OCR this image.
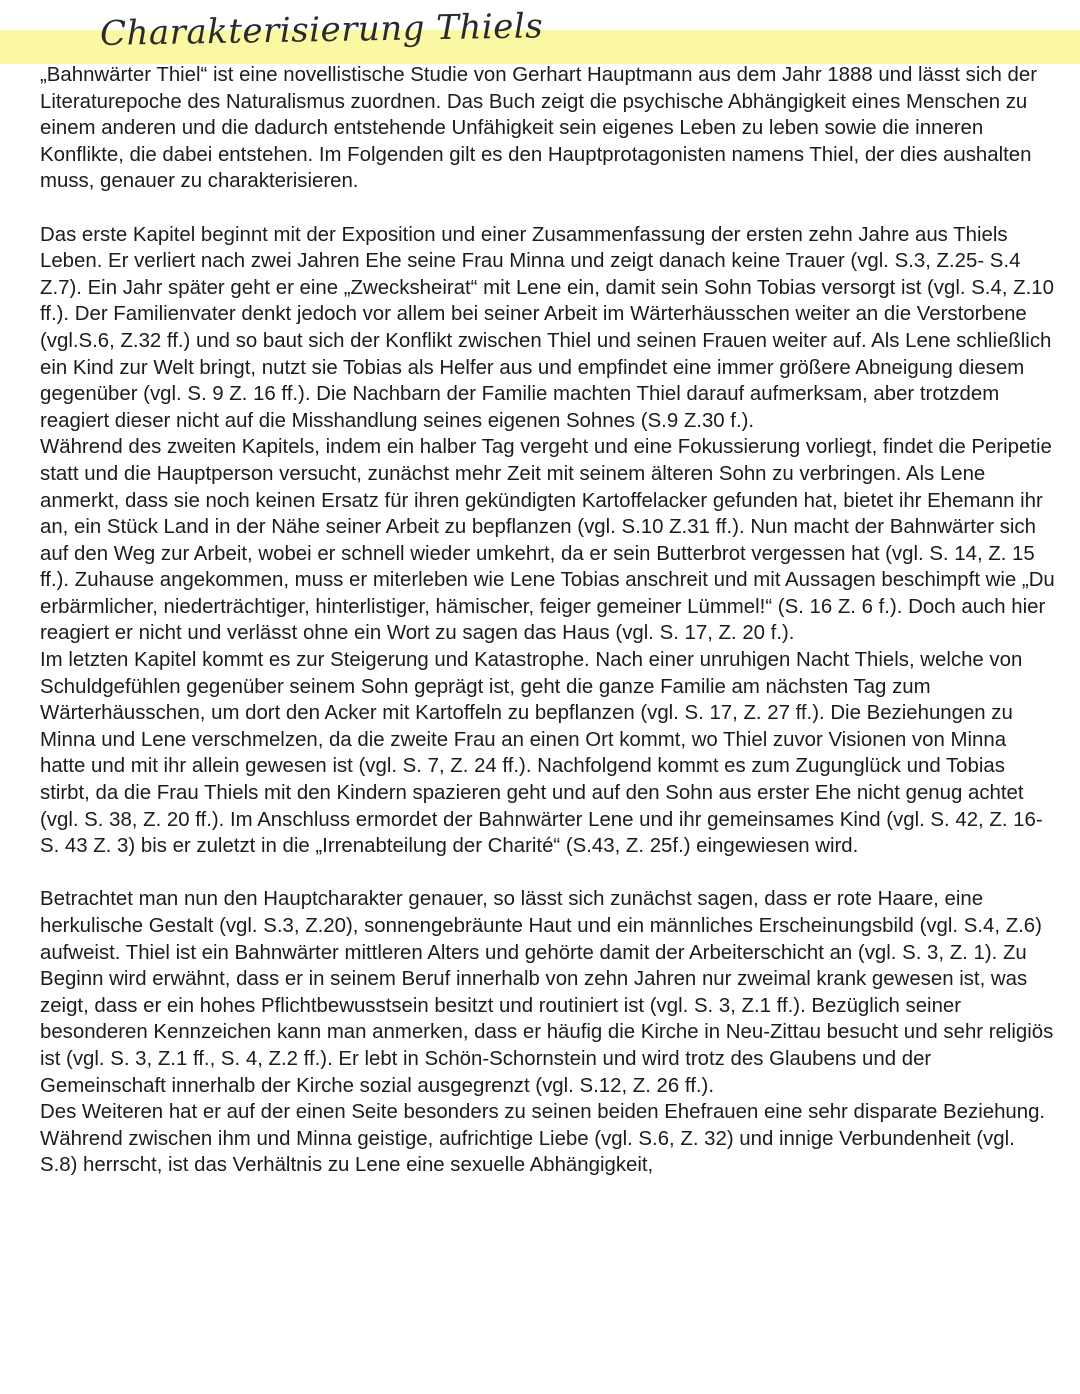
Charakterisierung Thiels

„Bahnwärter Thiel“ ist eine novellistische Studie von Gerhart Hauptmann aus dem Jahr 1888 und lässt sich der Literaturepoche des Naturalismus zuordnen. Das Buch zeigt die psychische Abhängigkeit eines Menschen zu einem anderen und die dadurch entstehende Unfähigkeit sein eigenes Leben zu leben sowie die inneren Konflikte, die dabei entstehen. Im Folgenden gilt es den Hauptprotagonisten namens Thiel, der dies aushalten muss, genauer zu charakterisieren.

Das erste Kapitel beginnt mit der Exposition und einer Zusammenfassung der ersten zehn Jahre aus Thiels Leben. Er verliert nach zwei Jahren Ehe seine Frau Minna und zeigt danach keine Trauer (vgl. S.3, Z.25- S.4 Z.7). Ein Jahr später geht er eine „Zwecksheirat“ mit Lene ein, damit sein Sohn Tobias versorgt ist (vgl. S.4, Z.10 ff.). Der Familienvater denkt jedoch vor allem bei seiner Arbeit im Wärterhäusschen weiter an die Verstorbene (vgl.S.6, Z.32 ff.) und so baut sich der Konflikt zwischen Thiel und seinen Frauen weiter auf. Als Lene schließlich ein Kind zur Welt bringt, nutzt sie Tobias als Helfer aus und empfindet eine immer größere Abneigung diesem gegenüber (vgl. S. 9 Z. 16 ff.). Die Nachbarn der Familie machten Thiel darauf aufmerksam, aber trotzdem reagiert dieser nicht auf die Misshandlung seines eigenen Sohnes (S.9 Z.30 f.).

Während des zweiten Kapitels, indem ein halber Tag vergeht und eine Fokussierung vorliegt, findet die Peripetie statt und die Hauptperson versucht, zunächst mehr Zeit mit seinem älteren Sohn zu verbringen. Als Lene anmerkt, dass sie noch keinen Ersatz für ihren gekündigten Kartoffelacker gefunden hat, bietet ihr Ehemann ihr an, ein Stück Land in der Nähe seiner Arbeit zu bepflanzen (vgl. S.10 Z.31 ff.). Nun macht der Bahnwärter sich auf den Weg zur Arbeit, wobei er schnell wieder umkehrt, da er sein Butterbrot vergessen hat (vgl. S. 14, Z. 15 ff.). Zuhause angekommen, muss er miterleben wie Lene Tobias anschreit und mit Aussagen beschimpft wie „Du erbärmlicher, niederträchtiger, hinterlistiger, hämischer, feiger gemeiner Lümmel!“ (S. 16 Z. 6 f.). Doch auch hier reagiert er nicht und verlässt ohne ein Wort zu sagen das Haus (vgl. S. 17, Z. 20 f.).

Im letzten Kapitel kommt es zur Steigerung und Katastrophe. Nach einer unruhigen Nacht Thiels, welche von Schuldgefühlen gegenüber seinem Sohn geprägt ist, geht die ganze Familie am nächsten Tag zum Wärterhäusschen, um dort den Acker mit Kartoffeln zu bepflanzen (vgl. S. 17, Z. 27 ff.). Die Beziehungen zu Minna und Lene verschmelzen, da die zweite Frau an einen Ort kommt, wo Thiel zuvor Visionen von Minna hatte und mit ihr allein gewesen ist (vgl. S. 7, Z. 24 ff.). Nachfolgend kommt es zum Zugunglück und Tobias stirbt, da die Frau Thiels mit den Kindern spazieren geht und auf den Sohn aus erster Ehe nicht genug achtet (vgl. S. 38, Z. 20 ff.). Im Anschluss ermordet der Bahnwärter Lene und ihr gemeinsames Kind (vgl. S. 42, Z. 16- S. 43 Z. 3) bis er zuletzt in die „Irrenabteilung der Charité“ (S.43, Z. 25f.) eingewiesen wird.

Betrachtet man nun den Hauptcharakter genauer, so lässt sich zunächst sagen, dass er rote Haare, eine herkulische Gestalt (vgl. S.3, Z.20), sonnengebräunte Haut und ein männliches Erscheinungsbild (vgl. S.4, Z.6) aufweist. Thiel ist ein Bahnwärter mittleren Alters und gehörte damit der Arbeiterschicht an (vgl. S. 3, Z. 1). Zu Beginn wird erwähnt, dass er in seinem Beruf innerhalb von zehn Jahren nur zweimal krank gewesen ist, was zeigt, dass er ein hohes Pflichtbewusstsein besitzt und routiniert ist (vgl. S. 3, Z.1 ff.). Bezüglich seiner besonderen Kennzeichen kann man anmerken, dass er häufig die Kirche in Neu-Zittau besucht und sehr religiös ist (vgl. S. 3, Z.1 ff., S. 4, Z.2 ff.). Er lebt in Schön-Schornstein und wird trotz des Glaubens und der Gemeinschaft innerhalb der Kirche sozial ausgegrenzt (vgl. S.12, Z. 26 ff.).

Des Weiteren hat er auf der einen Seite besonders zu seinen beiden Ehefrauen eine sehr disparate Beziehung. Während zwischen ihm und Minna geistige, aufrichtige Liebe (vgl. S.6, Z. 32) und innige Verbundenheit (vgl. S.8) herrscht, ist das Verhältnis zu Lene eine sexuelle Abhängigkeit,
